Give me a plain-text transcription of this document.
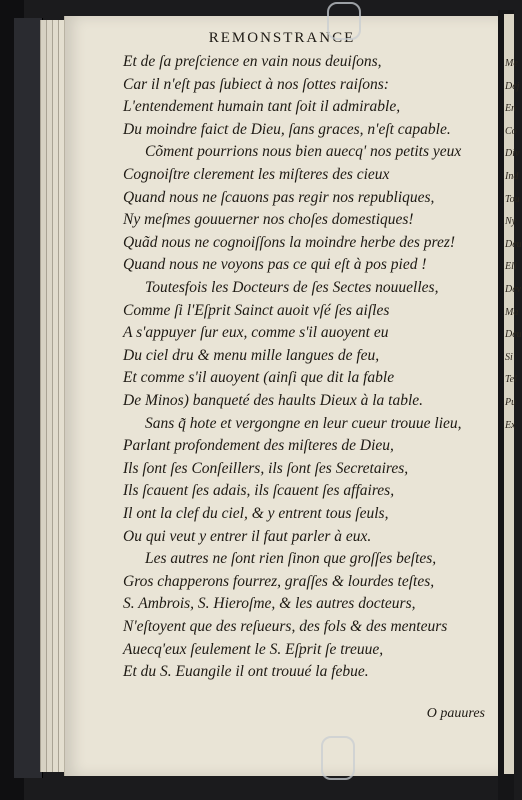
REMONSTRANCE
Et de ſa preſcience en vain nous deuiſons,
Car il n'eſt pas ſubiect à nos ſottes raiſons:
L'entendement humain tant ſoit il admirable,
Du moindre faict de Dieu, ſans graces, n'eſt capable.
Cõment pourrions nous bien auecq' nos petits yeux
Cognoiſtre clerement les miſteres des cieux
Quand nous ne ſcauons pas regir nos republiques,
Ny meſmes gouuerner nos choſes domestiques!
Quãd nous ne cognoiſſons la moindre herbe des prez!
Quand nous ne voyons pas ce qui eſt à pos pied !
Toutesfois les Docteurs de ſes Sectes nouuelles,
Comme ſi l'Eſprit Sainct auoit vſé ſes aiſles
A s'appuyer ſur eux, comme s'il auoyent eu
Du ciel dru & menu mille langues de feu,
Et comme s'il auoyent (ainſi que dit la fable
De Minos) banqueté des haults Dieux à la table.
Sans q̃ hote et vergongne en leur cueur trouue lieu,
Parlant profondement des miſteres de Dieu,
Ils ſont ſes Conſeillers, ils ſont ſes Secretaires,
Ils ſcauent ſes adais, ils ſcauent ſes affaires,
Il ont la clef du ciel, & y entrent tous ſeuls,
Ou qui veut y entrer il faut parler à eux.
Les autres ne ſont rien ſinon que groſſes beſtes,
Gros chapperons fourrez, graſſes & lourdes teſtes,
S. Ambrois, S. Hieroſme, & les autres docteurs,
N'eſtoyent que des reſueurs, des fols & des menteurs
Auecq'eux ſeulement le S. Eſprit ſe treuue,
Et du S. Euangile il ont trouué la febue.
O pauures
Me
Dej
En
Co
Div
Ind
Tou
Ny
Deu
Ell
Dev
Ma
Deu
Si
Tel
Pu
Ex
